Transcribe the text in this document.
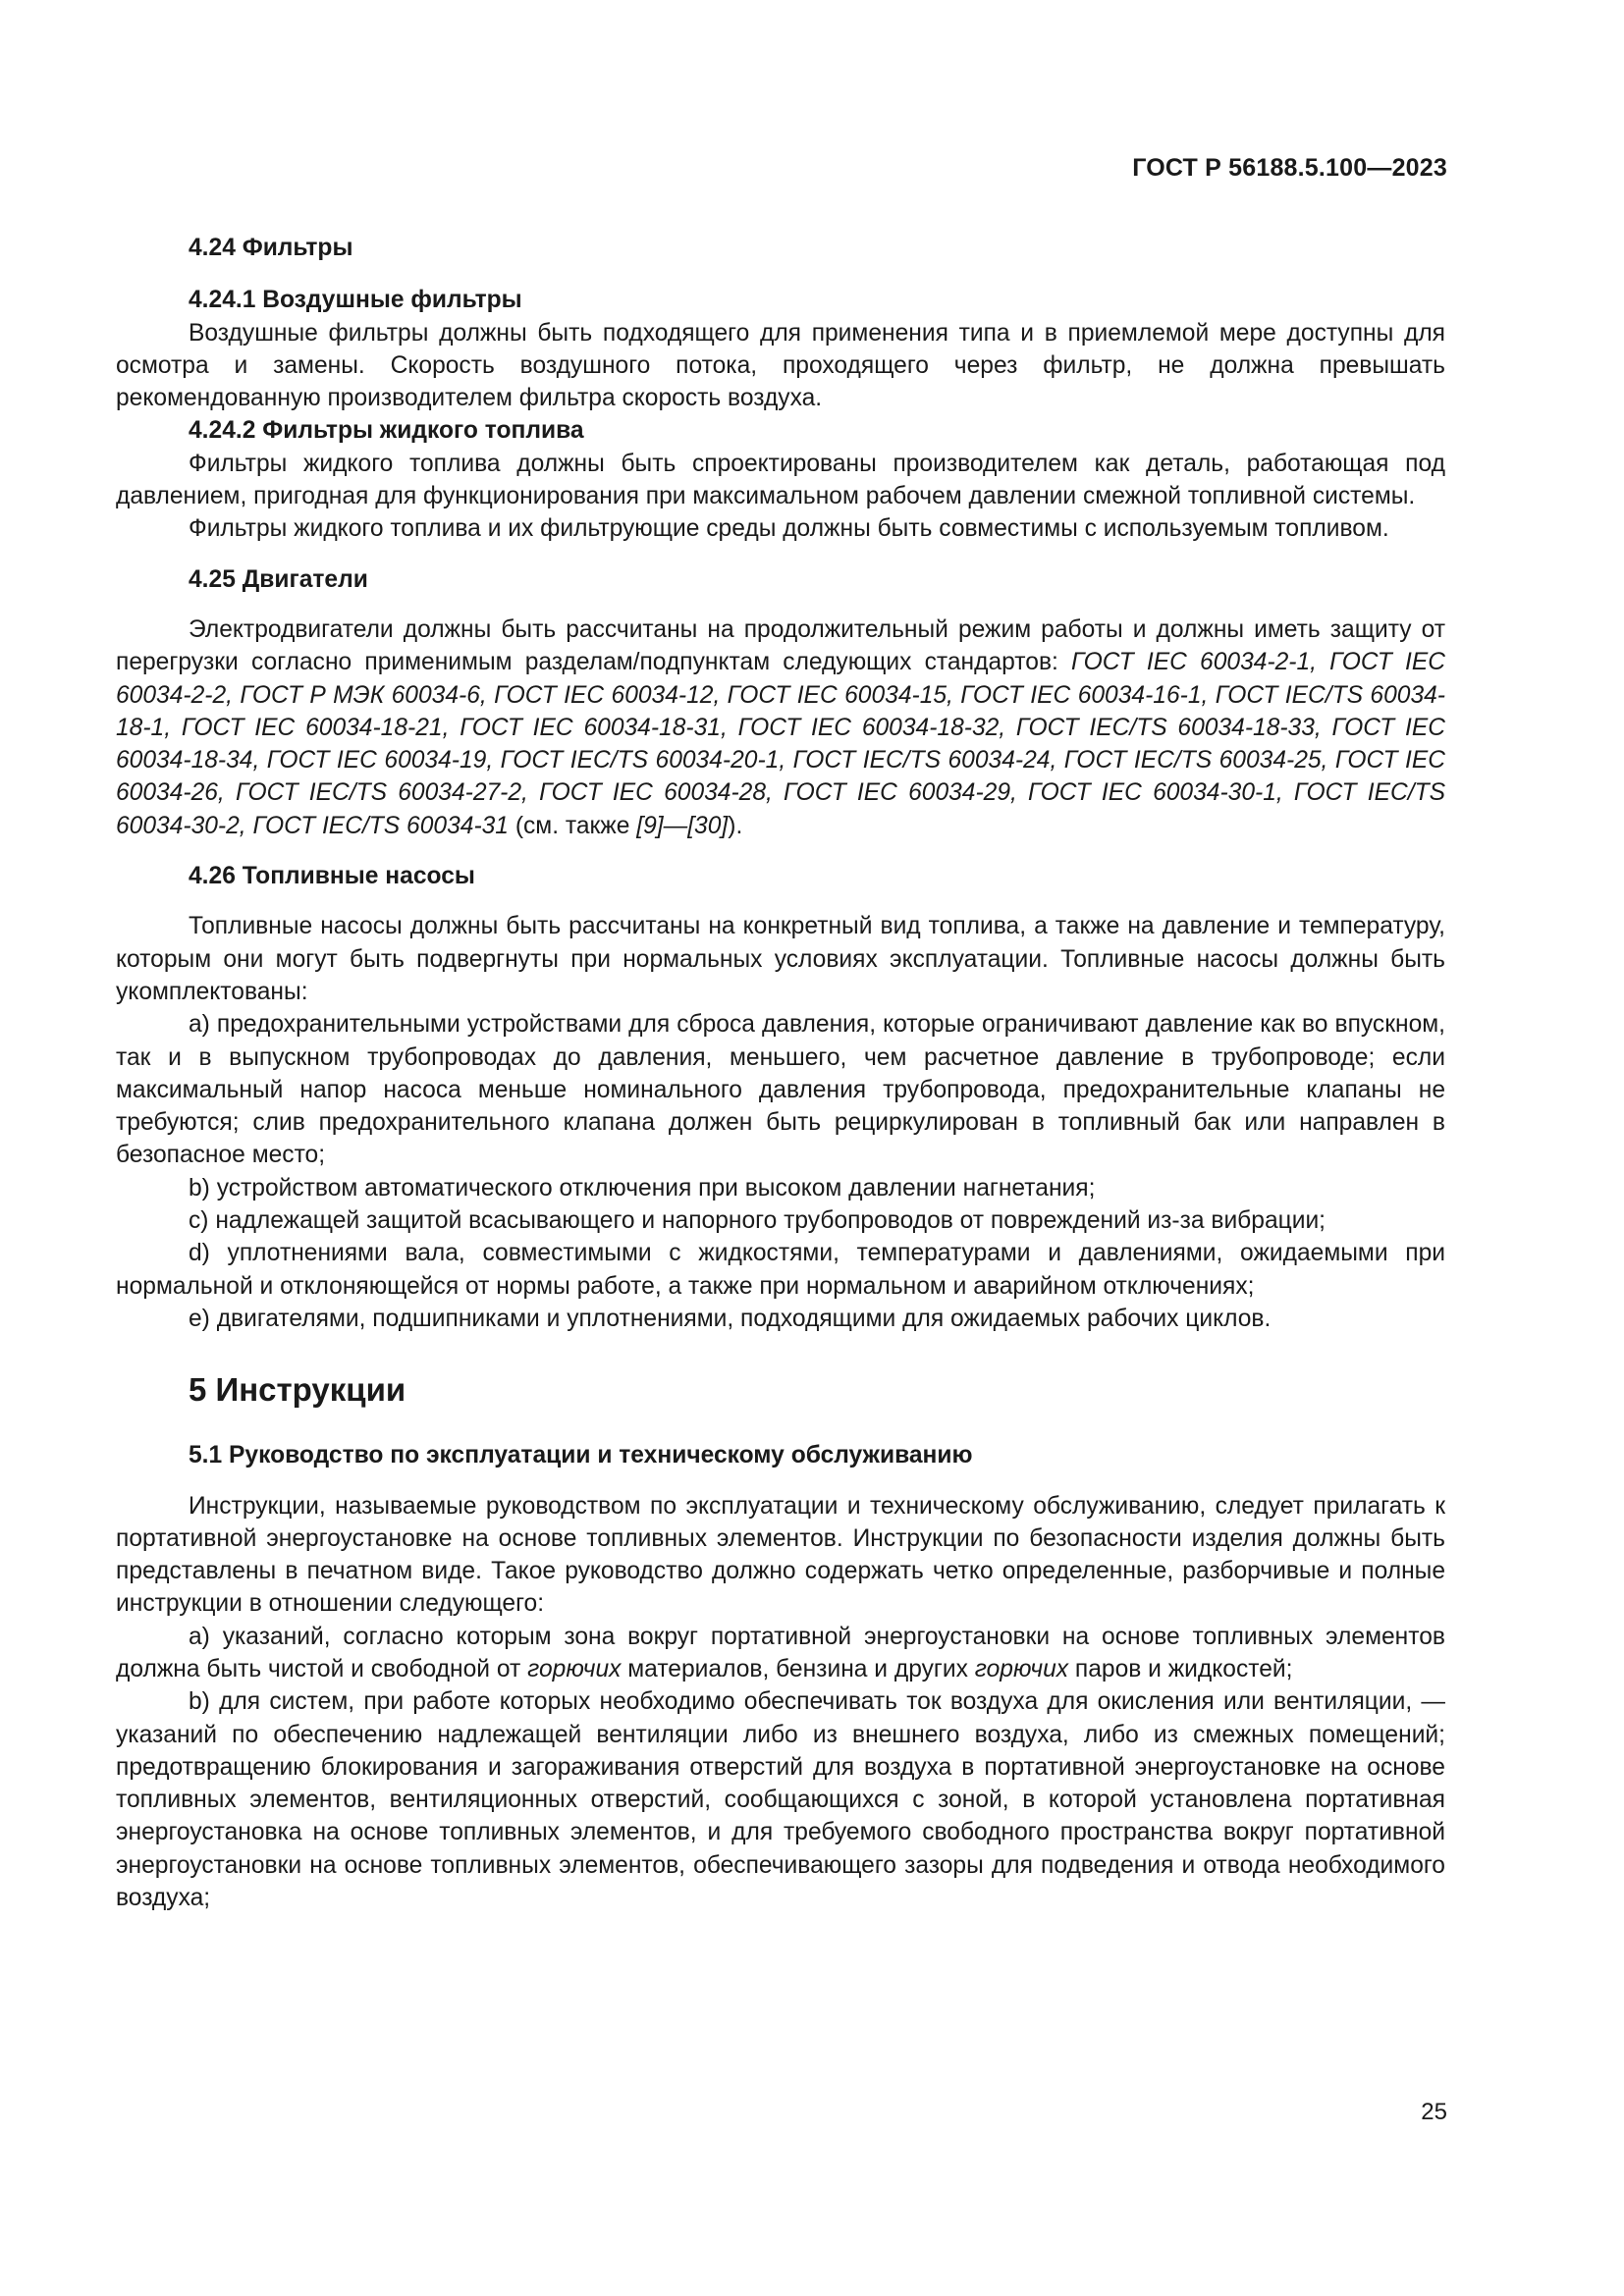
ГОСТ Р 56188.5.100—2023
4.24 Фильтры
4.24.1 Воздушные фильтры

Воздушные фильтры должны быть подходящего для применения типа и в приемлемой мере доступны для осмотра и замены. Скорость воздушного потока, проходящего через фильтр, не должна превышать рекомендованную производителем фильтра скорость воздуха.

4.24.2 Фильтры жидкого топлива

Фильтры жидкого топлива должны быть спроектированы производителем как деталь, работающая под давлением, пригодная для функционирования при максимальном рабочем давлении смежной топливной системы.

Фильтры жидкого топлива и их фильтрующие среды должны быть совместимы с используемым топливом.

4.25 Двигатели

Электродвигатели должны быть рассчитаны на продолжительный режим работы и должны иметь защиту от перегрузки согласно применимым разделам/подпунктам следующих стандартов: ГОСТ IEC 60034-2-1, ГОСТ IEC 60034-2-2, ГОСТ Р МЭК 60034-6, ГОСТ IEC 60034-12, ГОСТ IEC 60034-15, ГОСТ IEC 60034-16-1, ГОСТ IEC/TS 60034-18-1, ГОСТ IEC 60034-18-21, ГОСТ IEC 60034-18-31, ГОСТ IEC 60034-18-32, ГОСТ IEC/TS 60034-18-33, ГОСТ IEC 60034-18-34, ГОСТ IEC 60034-19, ГОСТ IEC/TS 60034-20-1, ГОСТ IEC/TS 60034-24, ГОСТ IEC/TS 60034-25, ГОСТ IEC 60034-26, ГОСТ IEC/TS 60034-27-2, ГОСТ IEC 60034-28, ГОСТ IEC 60034-29, ГОСТ IEC 60034-30-1, ГОСТ IEC/TS 60034-30-2, ГОСТ IEC/TS 60034-31 (см. также [9]—[30]).

4.26 Топливные насосы

Топливные насосы должны быть рассчитаны на конкретный вид топлива, а также на давление и температуру, которым они могут быть подвергнуты при нормальных условиях эксплуатации. Топливные насосы должны быть укомплектованы:

а) предохранительными устройствами для сброса давления, которые ограничивают давление как во впускном, так и в выпускном трубопроводах до давления, меньшего, чем расчетное давление в трубопроводе; если максимальный напор насоса меньше номинального давления трубопровода, предохранительные клапаны не требуются; слив предохранительного клапана должен быть рециркулирован в топливный бак или направлен в безопасное место;

b) устройством автоматического отключения при высоком давлении нагнетания;

с) надлежащей защитой всасывающего и напорного трубопроводов от повреждений из-за вибрации;

d) уплотнениями вала, совместимыми с жидкостями, температурами и давлениями, ожидаемыми при нормальной и отклоняющейся от нормы работе, а также при нормальном и аварийном отключениях;

е) двигателями, подшипниками и уплотнениями, подходящими для ожидаемых рабочих циклов.

5 Инструкции
5.1 Руководство по эксплуатации и техническому обслуживанию

Инструкции, называемые руководством по эксплуатации и техническому обслуживанию, следует прилагать к портативной энергоустановке на основе топливных элементов. Инструкции по безопасности изделия должны быть представлены в печатном виде. Такое руководство должно содержать четко определенные, разборчивые и полные инструкции в отношении следующего:

а) указаний, согласно которым зона вокруг портативной энергоустановки на основе топливных элементов должна быть чистой и свободной от горючих материалов, бензина и других горючих паров и жидкостей;

b) для систем, при работе которых необходимо обеспечивать ток воздуха для окисления или вентиляции, — указаний по обеспечению надлежащей вентиляции либо из внешнего воздуха, либо из смежных помещений; предотвращению блокирования и загораживания отверстий для воздуха в портативной энергоустановке на основе топливных элементов, вентиляционных отверстий, сообщающихся с зоной, в которой установлена портативная энергоустановка на основе топливных элементов, и для требуемого свободного пространства вокруг портативной энергоустановки на основе топливных элементов, обеспечивающего зазоры для подведения и отвода необходимого воздуха;

25
